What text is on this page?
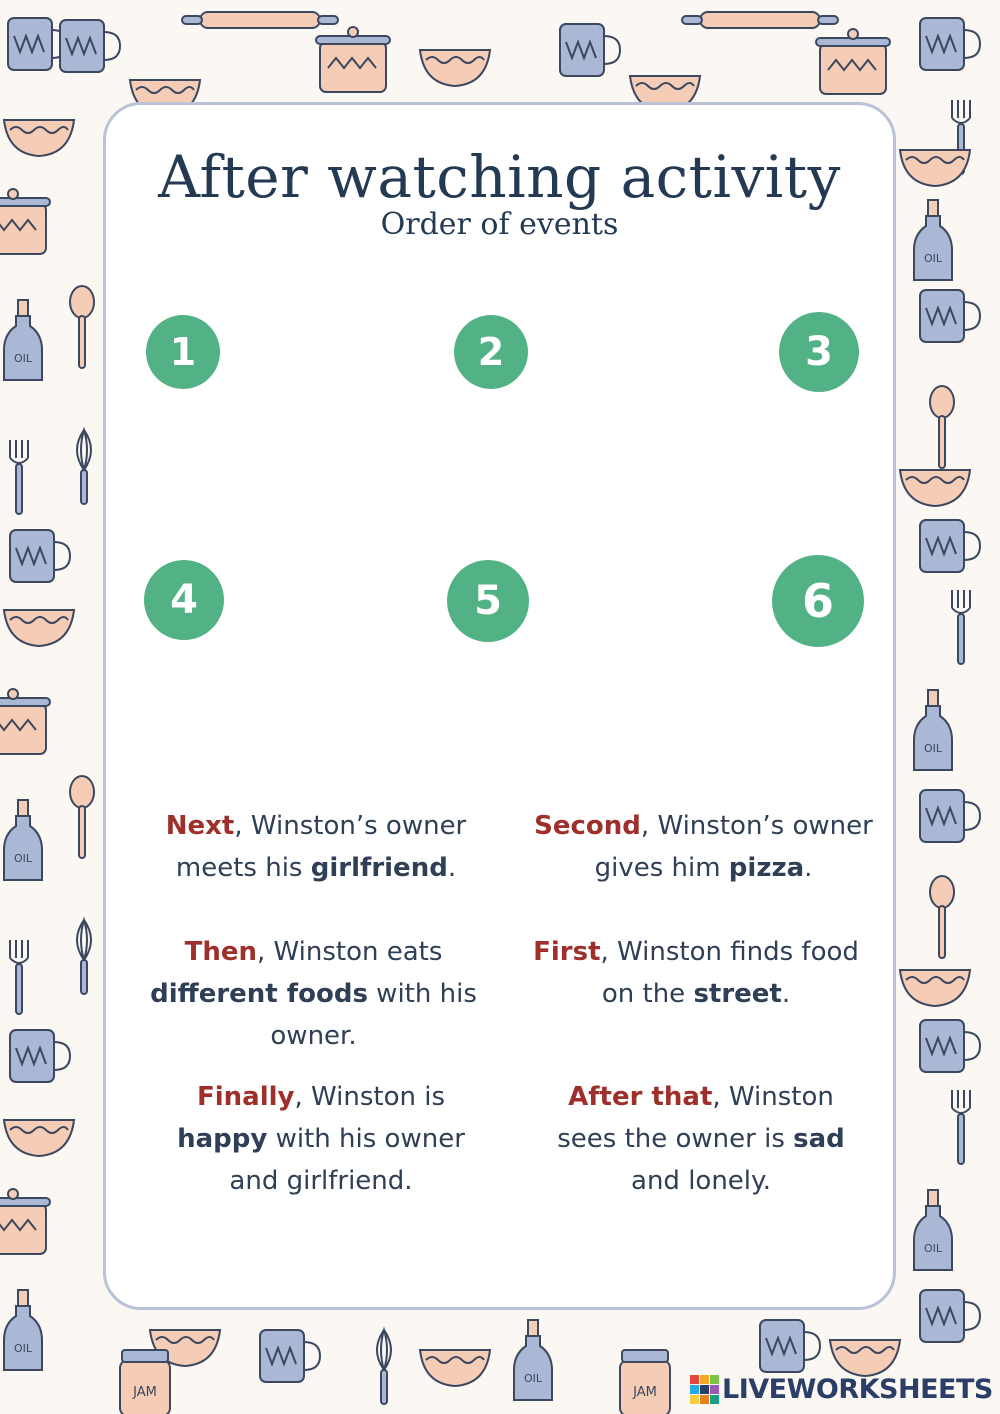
After watching activity
Order of events
1	2	3
4	5	6
Next, Winston’s owner meets his girlfriend.
Second, Winston’s owner gives him pizza.
Then, Winston eats different foods with his owner.
First, Winston finds food on the street.
Finally, Winston is happy with his owner and girlfriend.
After that, Winston sees the owner is sad and lonely.
LIVEWORKSHEETS
